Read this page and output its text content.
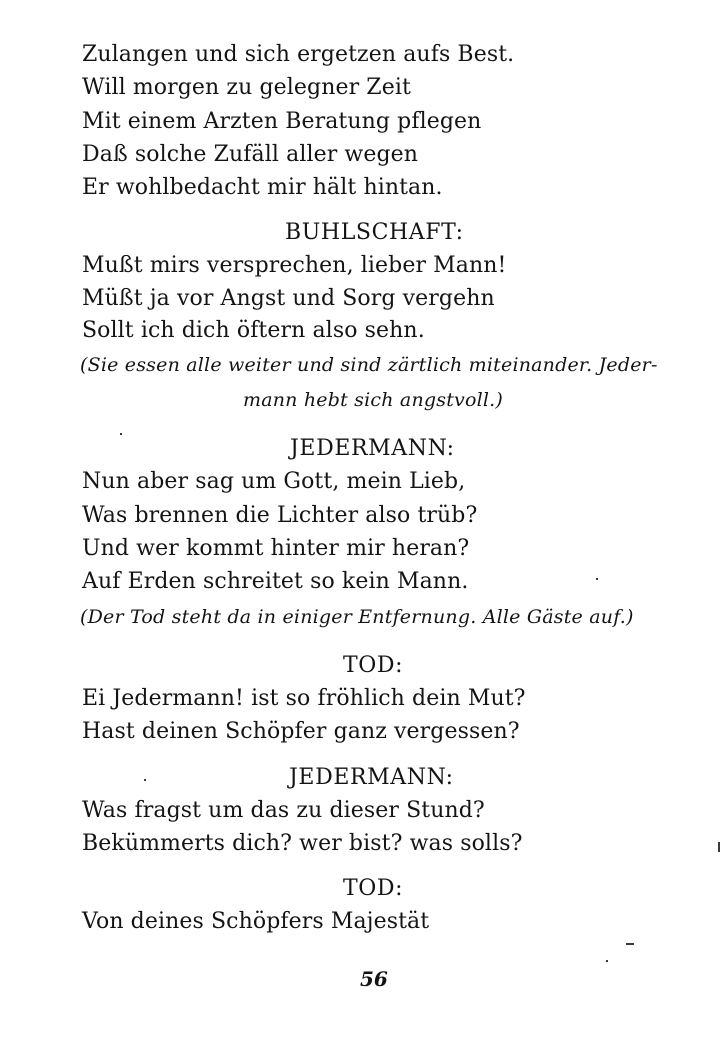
Zulangen und sich ergetzen aufs Best.
Will morgen zu gelegner Zeit
Mit einem Arzten Beratung pflegen
Daß solche Zufäll aller wegen
Er wohlbedacht mir hält hintan.
BUHLSCHAFT:
Mußt mirs versprechen, lieber Mann!
Müßt ja vor Angst und Sorg vergehn
Sollt ich dich öftern also sehn.
(Sie essen alle weiter und sind zärtlich miteinander. Jeder-
mann hebt sich angstvoll.)
JEDERMANN:
Nun aber sag um Gott, mein Lieb,
Was brennen die Lichter also trüb?
Und wer kommt hinter mir heran?
Auf Erden schreitet so kein Mann.
(Der Tod steht da in einiger Entfernung. Alle Gäste auf.)
TOD:
Ei Jedermann! ist so fröhlich dein Mut?
Hast deinen Schöpfer ganz vergessen?
JEDERMANN:
Was fragst um das zu dieser Stund?
Bekümmerts dich? wer bist? was solls?
TOD:
Von deines Schöpfers Majestät
56
